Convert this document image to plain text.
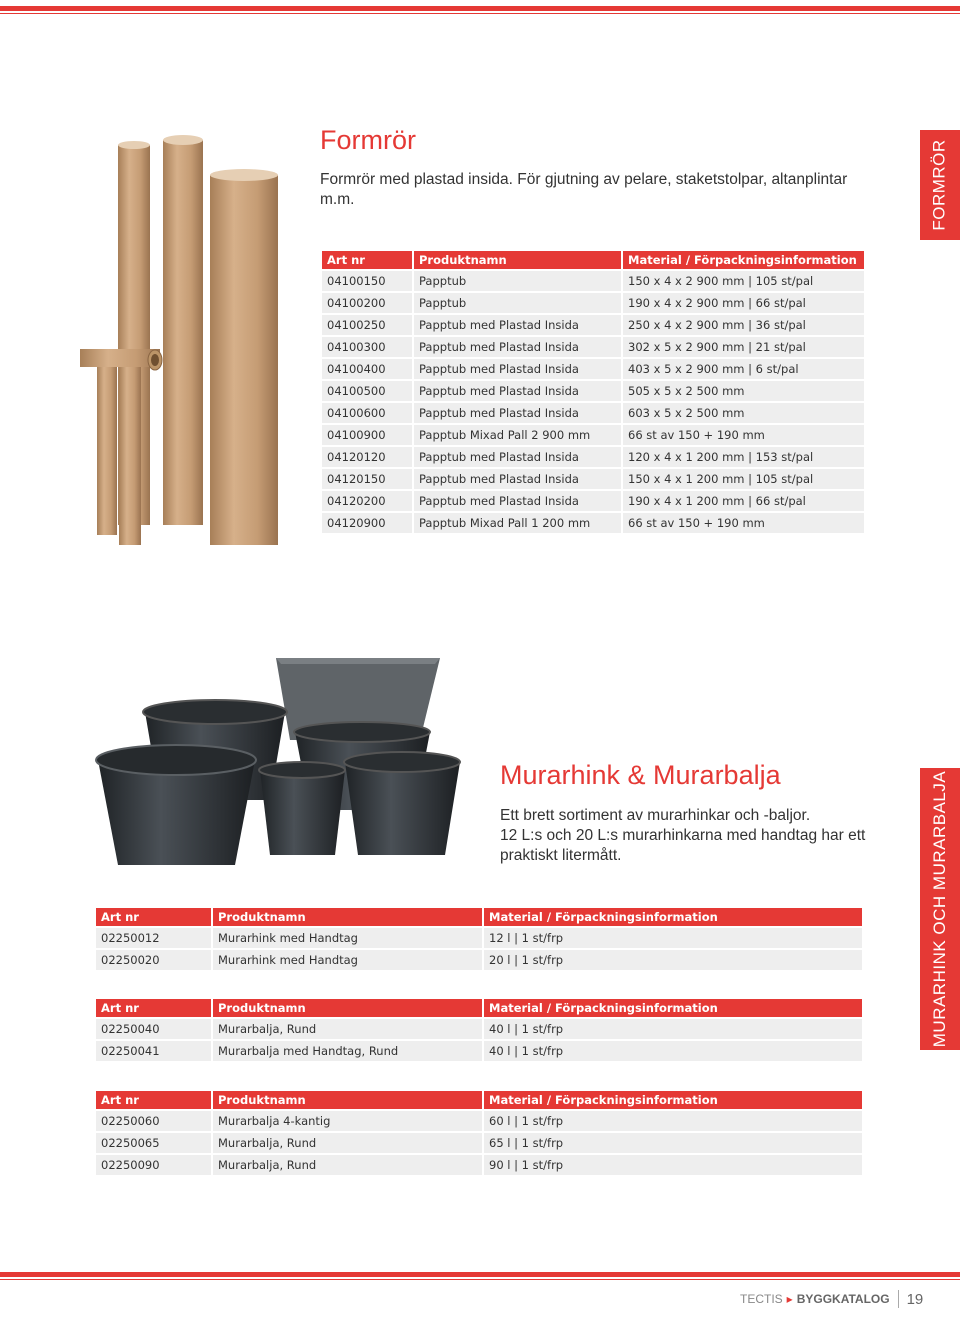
FORMRÖR
Formrör
Formrör med plastad insida. För gjutning av pelare, staketstolpar, altanplintar m.m.
Art nr	Produktnamn	Material / Förpackningsinformation
04100150	Papptub	150 x 4 x 2 900 mm | 105 st/pal
04100200	Papptub	190 x 4 x 2 900 mm | 66 st/pal
04100250	Papptub med Plastad Insida	250 x 4 x 2 900 mm | 36 st/pal
04100300	Papptub med Plastad Insida	302 x 5 x 2 900 mm | 21 st/pal
04100400	Papptub med Plastad Insida	403 x 5 x 2 900 mm | 6 st/pal
04100500	Papptub med Plastad Insida	505 x 5 x 2 500 mm
04100600	Papptub med Plastad Insida	603 x 5 x 2 500 mm
04100900	Papptub Mixad Pall 2 900 mm	66 st av 150 + 190 mm
04120120	Papptub med Plastad Insida	120 x 4 x 1 200 mm | 153 st/pal
04120150	Papptub med Plastad Insida	150 x 4 x 1 200 mm | 105 st/pal
04120200	Papptub med Plastad Insida	190 x 4 x 1 200 mm | 66 st/pal
04120900	Papptub Mixad Pall 1 200 mm	66 st av 150 + 190 mm
Murarhink & Murarbalja
Ett brett sortiment av murarhinkar och -baljor.
12 L:s och 20 L:s murarhinkarna med handtag har ett
praktiskt litermått.	MURARHINK OCH MURARBALJA
Art nr	Produktnamn	Material / Förpackningsinformation
02250012	Murarhink med Handtag	12 l | 1 st/frp
02250020	Murarhink med Handtag	20 l | 1 st/frp
Art nr	Produktnamn	Material / Förpackningsinformation
02250040	Murarbalja, Rund	40 l | 1 st/frp
02250041	Murarbalja med Handtag, Rund	40 l | 1 st/frp
Art nr	Produktnamn	Material / Förpackningsinformation
02250060	Murarbalja 4-kantig	60 l | 1 st/frp
02250065	Murarbalja, Rund	65 l | 1 st/frp
02250090	Murarbalja, Rund	90 l | 1 st/frp
TECTIS ▸ BYGGKATALOG 19
